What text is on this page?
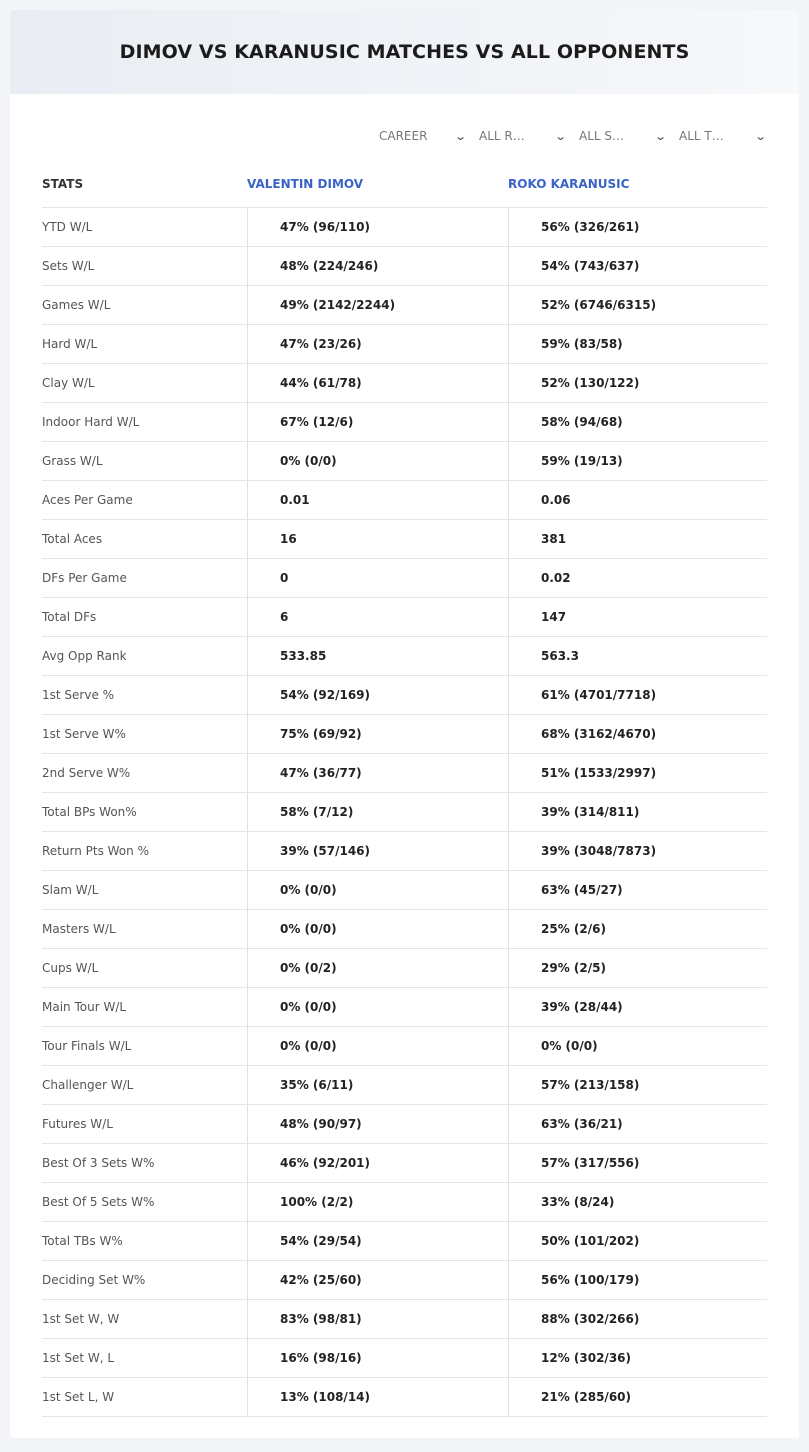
DIMOV VS KARANUSIC MATCHES VS ALL OPPONENTS
CAREER ⌄ ALL R…	⌄ ALL S…	⌄ ALL T…	⌄
STATS	VALENTIN DIMOV	ROKO KARANUSIC
YTD W/L	47% (96/110)	56% (326/261)
Sets W/L	48% (224/246)	54% (743/637)
Games W/L	49% (2142/2244)	52% (6746/6315)
Hard W/L	47% (23/26)	59% (83/58)
Clay W/L	44% (61/78)	52% (130/122)
Indoor Hard W/L	67% (12/6)	58% (94/68)
Grass W/L	0% (0/0)	59% (19/13)
Aces Per Game	0.01	0.06
Total Aces	16	381
DFs Per Game	0	0.02
Total DFs	6	147
Avg Opp Rank	533.85	563.3
1st Serve %	54% (92/169)	61% (4701/7718)
1st Serve W%	75% (69/92)	68% (3162/4670)
2nd Serve W%	47% (36/77)	51% (1533/2997)
Total BPs Won%	58% (7/12)	39% (314/811)
Return Pts Won %	39% (57/146)	39% (3048/7873)
Slam W/L	0% (0/0)	63% (45/27)
Masters W/L	0% (0/0)	25% (2/6)
Cups W/L	0% (0/2)	29% (2/5)
Main Tour W/L	0% (0/0)	39% (28/44)
Tour Finals W/L	0% (0/0)	0% (0/0)
Challenger W/L	35% (6/11)	57% (213/158)
Futures W/L	48% (90/97)	63% (36/21)
Best Of 3 Sets W%	46% (92/201)	57% (317/556)
Best Of 5 Sets W%	100% (2/2)	33% (8/24)
Total TBs W%	54% (29/54)	50% (101/202)
Deciding Set W%	42% (25/60)	56% (100/179)
1st Set W, W	83% (98/81)	88% (302/266)
1st Set W, L	16% (98/16)	12% (302/36)
1st Set L, W	13% (108/14)	21% (285/60)
